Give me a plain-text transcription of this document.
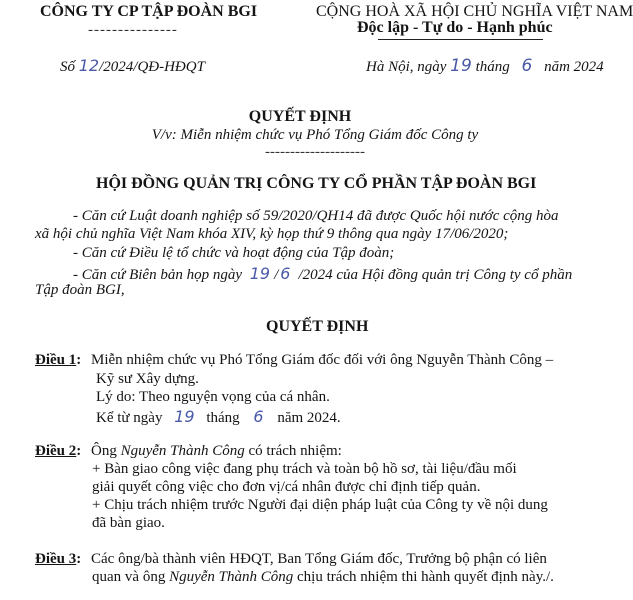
CÔNG TY CP TẬP ĐOÀN BGI
---------------
CỘNG HOÀ XÃ HỘI CHỦ NGHĨA VIỆT NAM
Độc lập - Tự do - Hạnh phúc
Số 12/2024/QĐ-HĐQT	Hà Nội, ngày 19 tháng 6 năm 2024
QUYẾT ĐỊNH
V/v: Miễn nhiệm chức vụ Phó Tổng Giám đốc Công ty
--------------------
HỘI ĐỒNG QUẢN TRỊ CÔNG TY CỔ PHẦN TẬP ĐOÀN BGI
- Căn cứ Luật doanh nghiệp số 59/2020/QH14 đã được Quốc hội nước cộng hòa
xã hội chủ nghĩa Việt Nam khóa XIV, kỳ họp thứ 9 thông qua ngày 17/06/2020;
- Căn cứ Điều lệ tổ chức và hoạt động của Tập đoàn;
- Căn cứ Biên bản họp ngày 19 / 6 /2024 của Hội đồng quản trị Công ty cổ phần
Tập đoàn BGI,
QUYẾT ĐỊNH
Điều 1: Miễn nhiệm chức vụ Phó Tổng Giám đốc đối với ông Nguyễn Thành Công –
Kỹ sư Xây dựng.
Lý do: Theo nguyện vọng của cá nhân.
Kể từ ngày 19 tháng 6 năm 2024.
Điều 2: Ông Nguyễn Thành Công có trách nhiệm:
+ Bàn giao công việc đang phụ trách và toàn bộ hồ sơ, tài liệu/đầu mối
giải quyết công việc cho đơn vị/cá nhân được chỉ định tiếp quản.
+ Chịu trách nhiệm trước Người đại diện pháp luật của Công ty về nội dung
đã bàn giao.
Điều 3: Các ông/bà thành viên HĐQT, Ban Tổng Giám đốc, Trưởng bộ phận có liên
quan và ông Nguyễn Thành Công chịu trách nhiệm thi hành quyết định này./.
